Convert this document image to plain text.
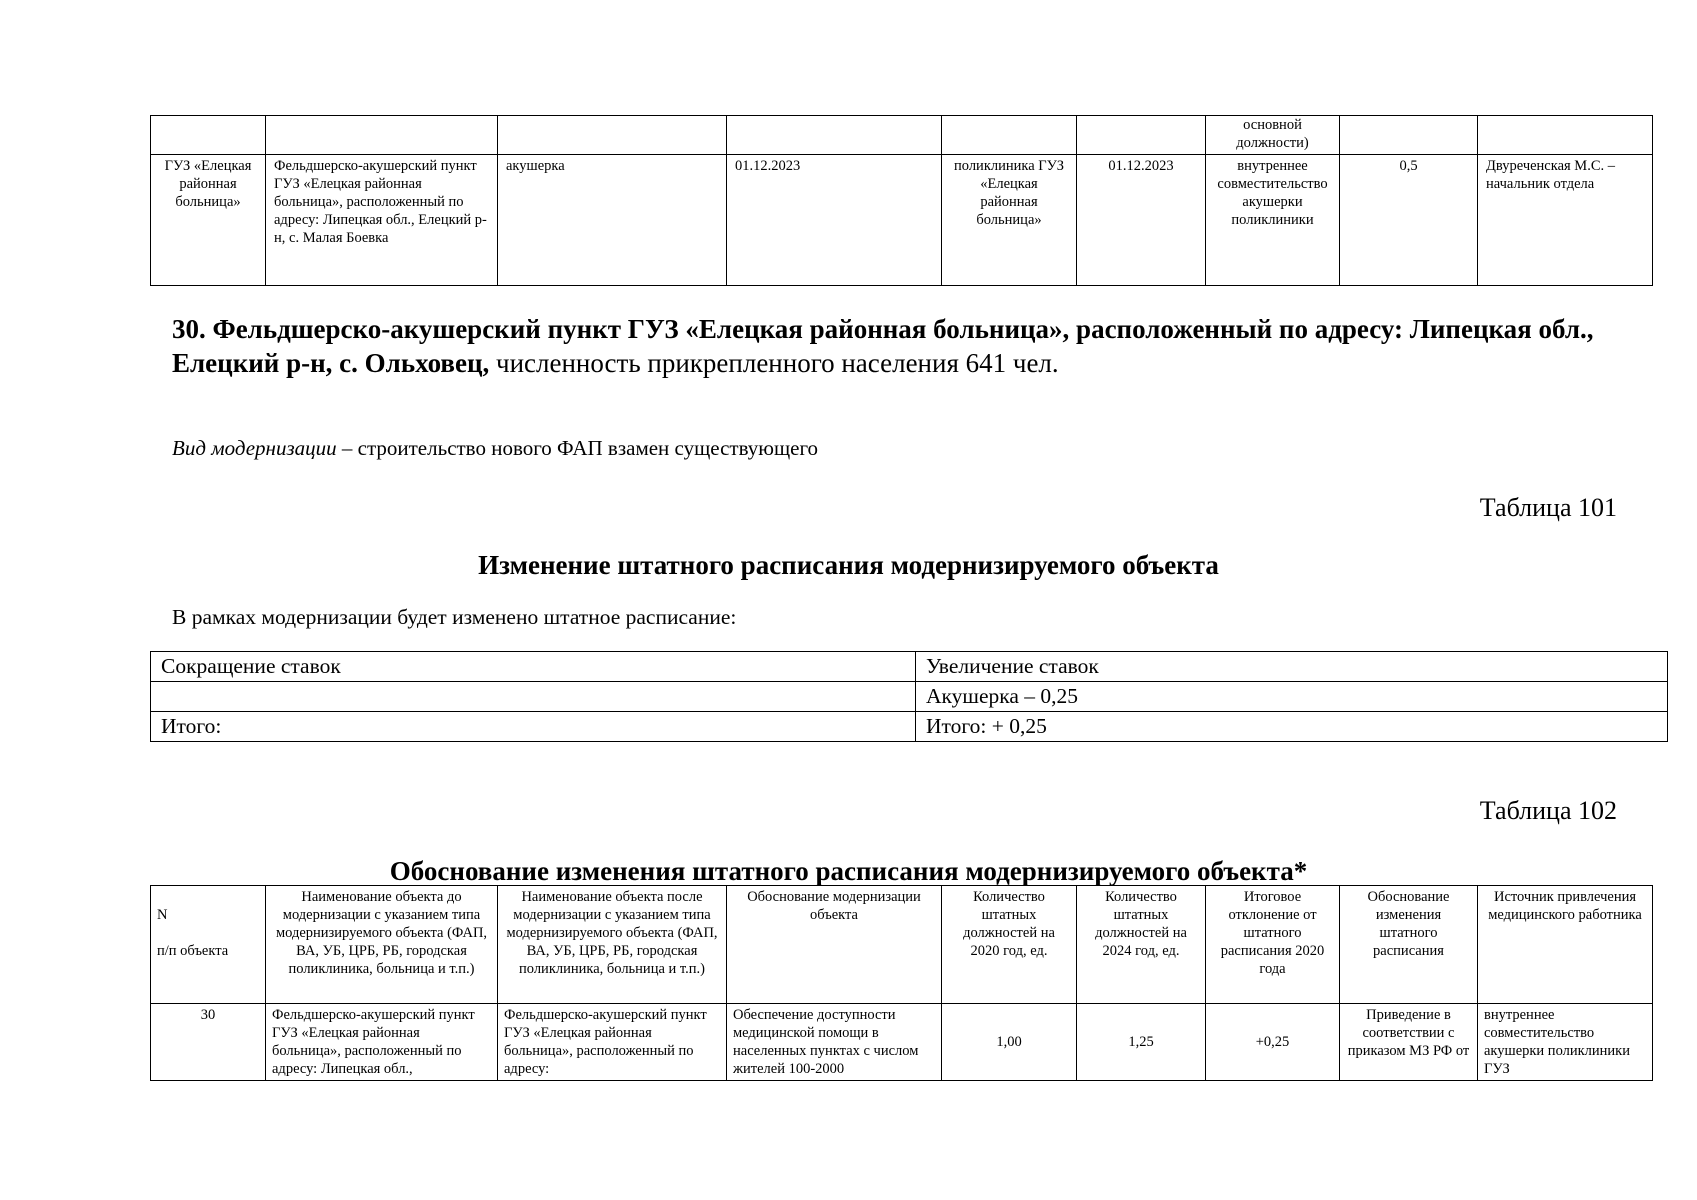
						основной должности)		
ГУЗ «Елецкая районная больница»	Фельдшерско-акушерский пункт ГУЗ «Елецкая районная больница», расположенный по адресу: Липецкая обл., Елецкий р-н, с. Малая Боевка	акушерка	01.12.2023	поликлиника ГУЗ «Елецкая районная больница»	01.12.2023	внутреннее совместительство акушерки поликлиники	0,5	Двуреченская М.С. – начальник отдела
30. Фельдшерско-акушерский пункт ГУЗ «Елецкая районная больница», расположенный по адресу: Липецкая обл., Елецкий р-н, с. Ольховец, численность прикрепленного населения 641 чел.
Вид модернизации – строительство нового ФАП взамен существующего
Таблица 101
Изменение штатного расписания модернизируемого объекта
В рамках модернизации будет изменено штатное расписание:
Сокращение ставок	Увеличение ставок
	Акушерка – 0,25
Итого:	Итого: + 0,25
Таблица 102
Обоснование изменения штатного расписания модернизируемого объекта*
N
п/п объекта	Наименование объекта до модернизации с указанием типа модернизируемого объекта (ФАП, ВА, УБ, ЦРБ, РБ, городская поликлиника, больница и т.п.)	Наименование объекта после модернизации с указанием типа модернизируемого объекта (ФАП, ВА, УБ, ЦРБ, РБ, городская поликлиника, больница и т.п.)	Обоснование модернизации объекта	Количество штатных должностей на 2020 год, ед.	Количество штатных должностей на 2024 год, ед.	Итоговое отклонение от штатного расписания 2020 года	Обоснование изменения штатного расписания	Источник привлечения медицинского работника
30	Фельдшерско-акушерский пункт ГУЗ «Елецкая районная больница», расположенный по адресу: Липецкая обл.,	Фельдшерско-акушерский пункт ГУЗ «Елецкая районная больница», расположенный по адресу:	Обеспечение доступности медицинской помощи в населенных пунктах с числом жителей 100-2000	1,00	1,25	+0,25	Приведение в соответствии с приказом МЗ РФ от	внутреннее совместительство акушерки поликлиники ГУЗ
